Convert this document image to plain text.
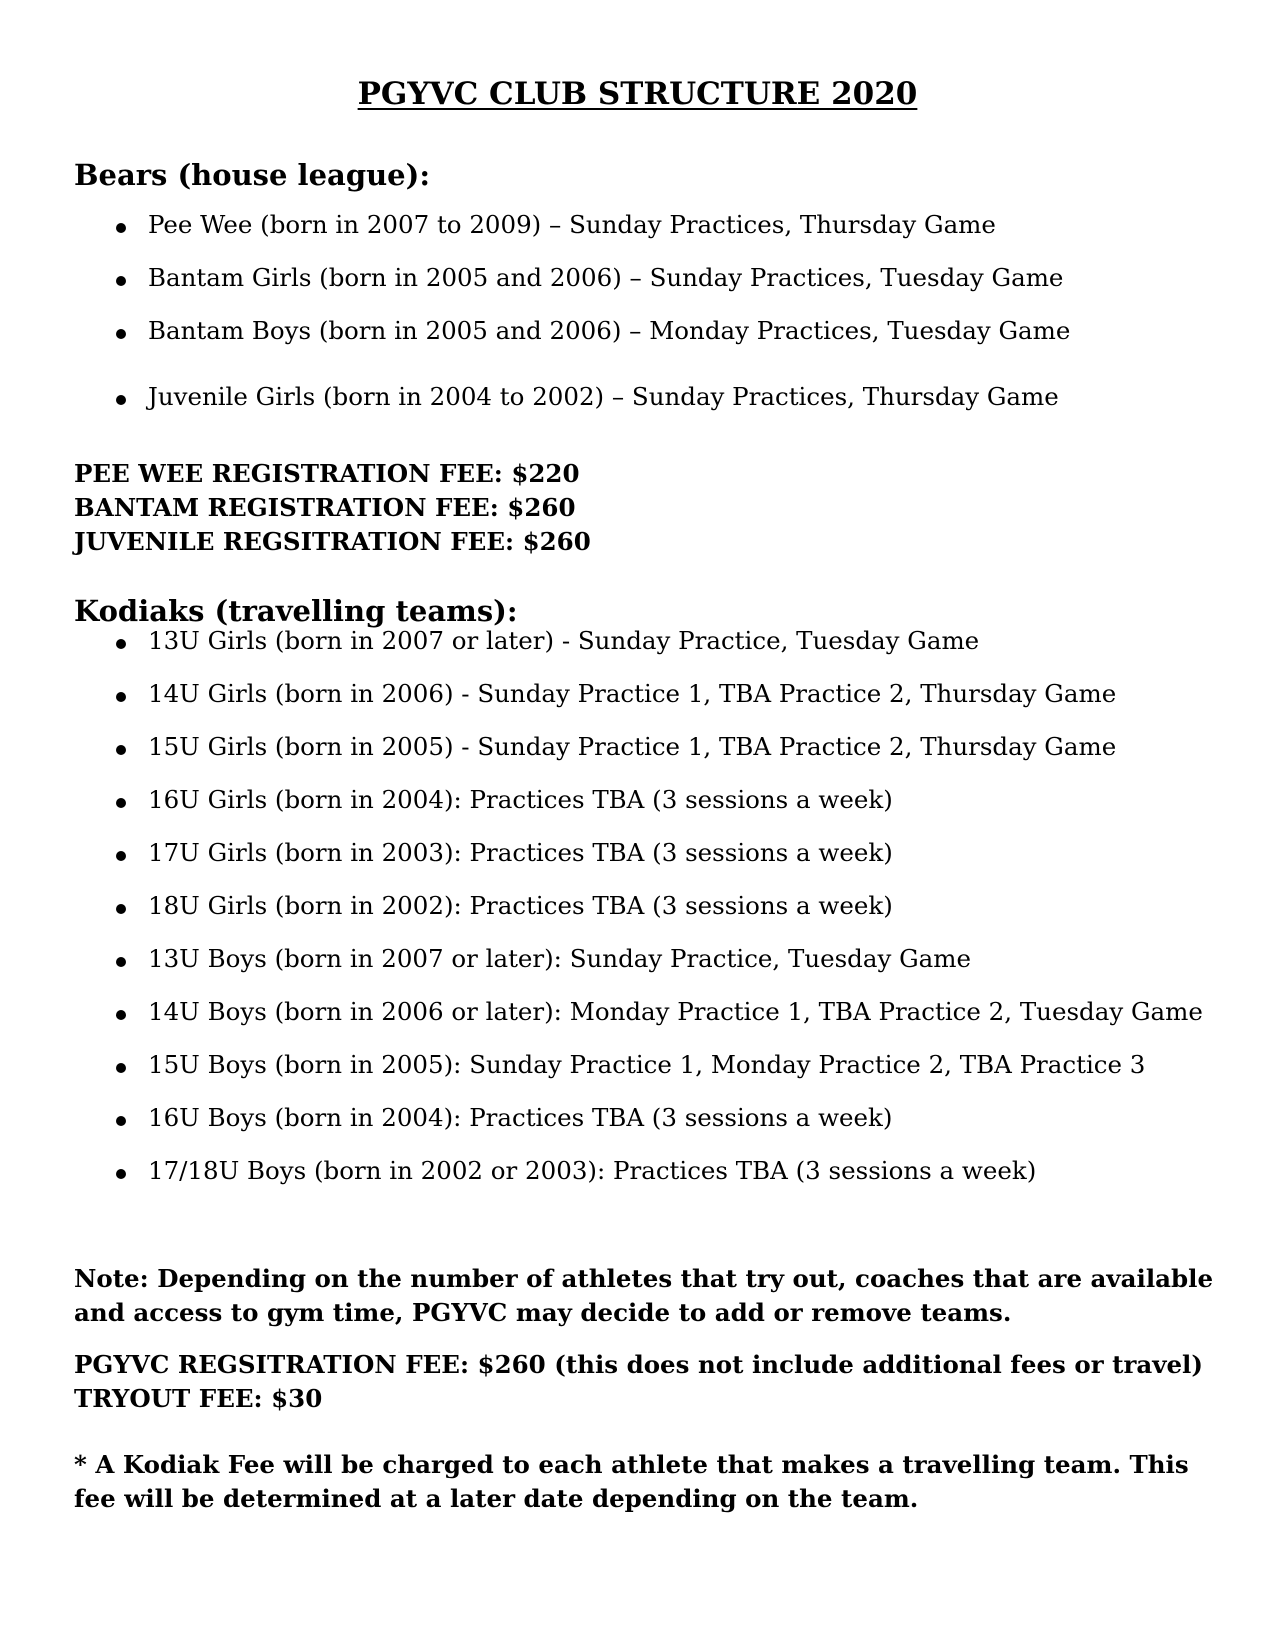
PGYVC CLUB STRUCTURE 2020
Bears (house league):
Pee Wee (born in 2007 to 2009) – Sunday Practices, Thursday Game
Bantam Girls (born in 2005 and 2006) – Sunday Practices, Tuesday Game
Bantam Boys (born in 2005 and 2006) – Monday Practices, Tuesday Game
Juvenile Girls (born in 2004 to 2002) – Sunday Practices, Thursday Game
PEE WEE REGISTRATION FEE: $220
BANTAM REGISTRATION FEE: $260
JUVENILE REGSITRATION FEE: $260
Kodiaks (travelling teams):
13U Girls (born in 2007 or later) - Sunday Practice, Tuesday Game
14U Girls (born in 2006) - Sunday Practice 1, TBA Practice 2, Thursday Game
15U Girls (born in 2005) - Sunday Practice 1, TBA Practice 2, Thursday Game
16U Girls (born in 2004): Practices TBA (3 sessions a week)
17U Girls (born in 2003): Practices TBA (3 sessions a week)
18U Girls (born in 2002): Practices TBA (3 sessions a week)
13U Boys (born in 2007 or later): Sunday Practice, Tuesday Game
14U Boys (born in 2006 or later): Monday Practice 1, TBA Practice 2, Tuesday Game
15U Boys (born in 2005): Sunday Practice 1, Monday Practice 2, TBA Practice 3
16U Boys (born in 2004): Practices TBA (3 sessions a week)
17/18U Boys (born in 2002 or 2003): Practices TBA (3 sessions a week)
Note: Depending on the number of athletes that try out, coaches that are available and access to gym time, PGYVC may decide to add or remove teams.
PGYVC REGSITRATION FEE: $260 (this does not include additional fees or travel)
TRYOUT FEE: $30
* A Kodiak Fee will be charged to each athlete that makes a travelling team. This fee will be determined at a later date depending on the team.
